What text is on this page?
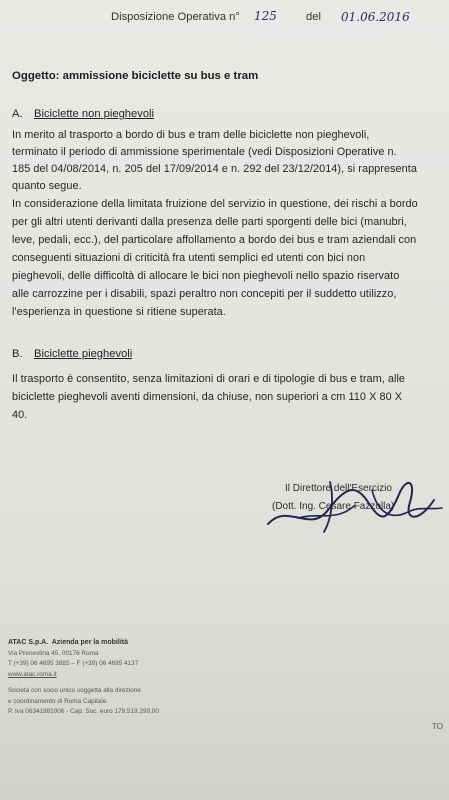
Disposizione Operativa n° 125	del 01.06.2016
Oggetto: ammissione biciclette su bus e tram
A. Biciclette non pieghevoli
In merito al trasporto a bordo di bus e tram delle biciclette non pieghevoli,
terminato il periodo di ammissione sperimentale (vedi Disposizioni Operative n.
185 del 04/08/2014, n. 205 del 17/09/2014 e n. 292 del 23/12/2014), si rappresenta
quanto segue.
In considerazione della limitata fruizione del servizio in questione, dei rischi a bordo
per gli altri utenti derivanti dalla presenza delle parti sporgenti delle bici (manubri,
leve, pedali, ecc.), del particolare affollamento a bordo dei bus e tram aziendali con
conseguenti situazioni di criticità fra utenti semplici ed utenti con bici non
pieghevoli, delle difficoltà di allocare le bici non pieghevoli nello spazio riservato
alle carrozzine per i disabili, spazi peraltro non concepiti per il suddetto utilizzo,
l'esperienza in questione si ritiene superata.
B. Biciclette pieghevoli
Il trasporto è consentito, senza limitazioni di orari e di tipologie di bus e tram, alle
biciclette pieghevoli aventi dimensioni, da chiuse, non superiori a cm 110 X 80 X
40.
Il Direttore dell'Esercizio
(Dott. Ing. Cesare Fazzolla)
ATAC S.p.A. Azienda per la mobilità
Via Prenestina 45, 00176 Roma
T (+39) 06 4695 3885 – F (+39) 06 4695 4137
www.atac.roma.it
Società con socio unico soggetta alla direzione
e coordinamento di Roma Capitale
P. Iva 06341981006 - Cap. Soc. euro 179.519.299,00
TO
